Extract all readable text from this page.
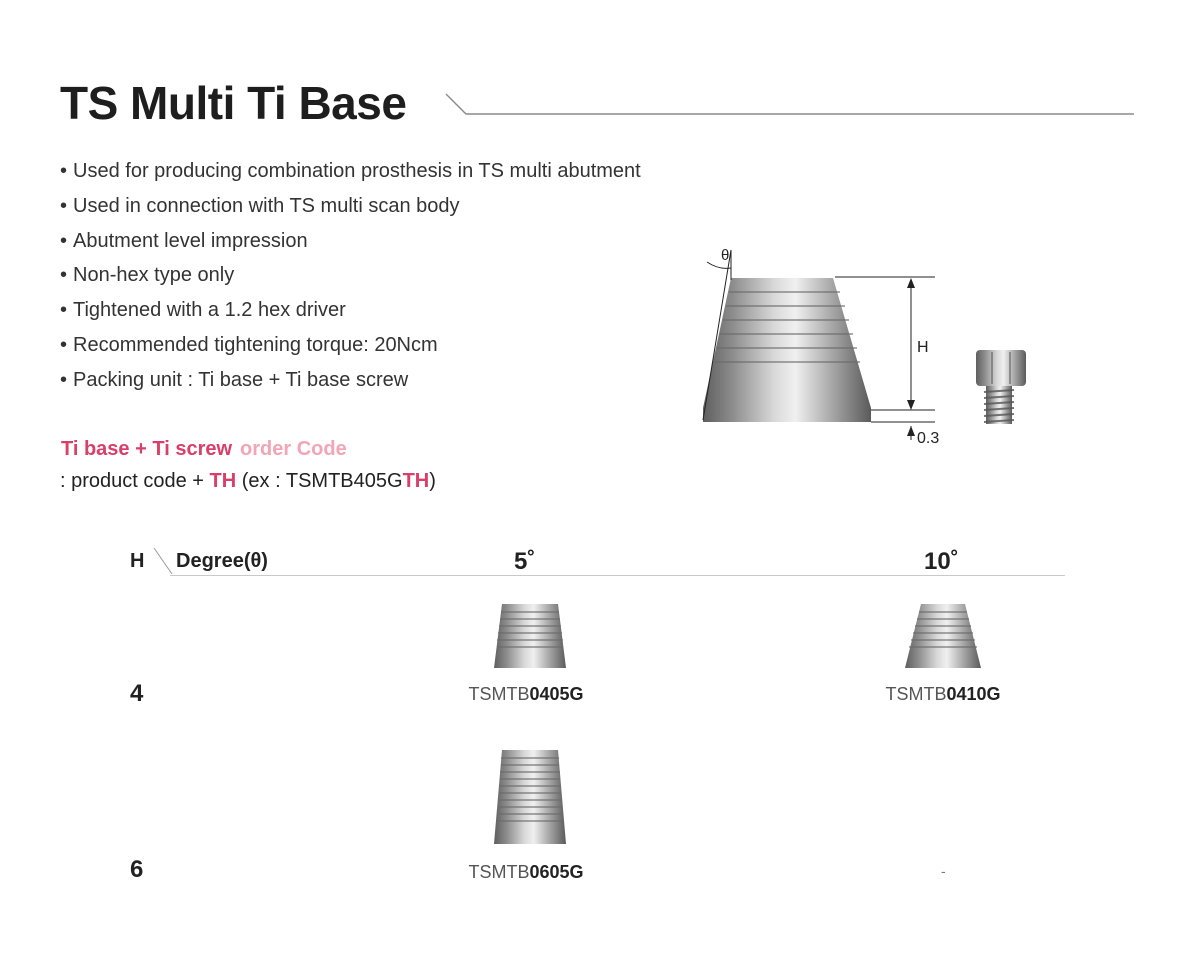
TS Multi Ti Base
• Used for producing combination prosthesis in TS multi abutment
• Used in connection with TS multi scan body
• Abutment level impression
• Non-hex type only
• Tightened with a 1.2 hex driver
• Recommended tightening torque: 20Ncm
• Packing unit : Ti base + Ti base screw
Ti base + Ti screw order Code
: product code + TH (ex : TSMTB405GTH)
θ
H
0.3
H Degree(θ)	5˚	10˚
4	TSMTB0405G	TSMTB0410G
6	TSMTB0605G	-
